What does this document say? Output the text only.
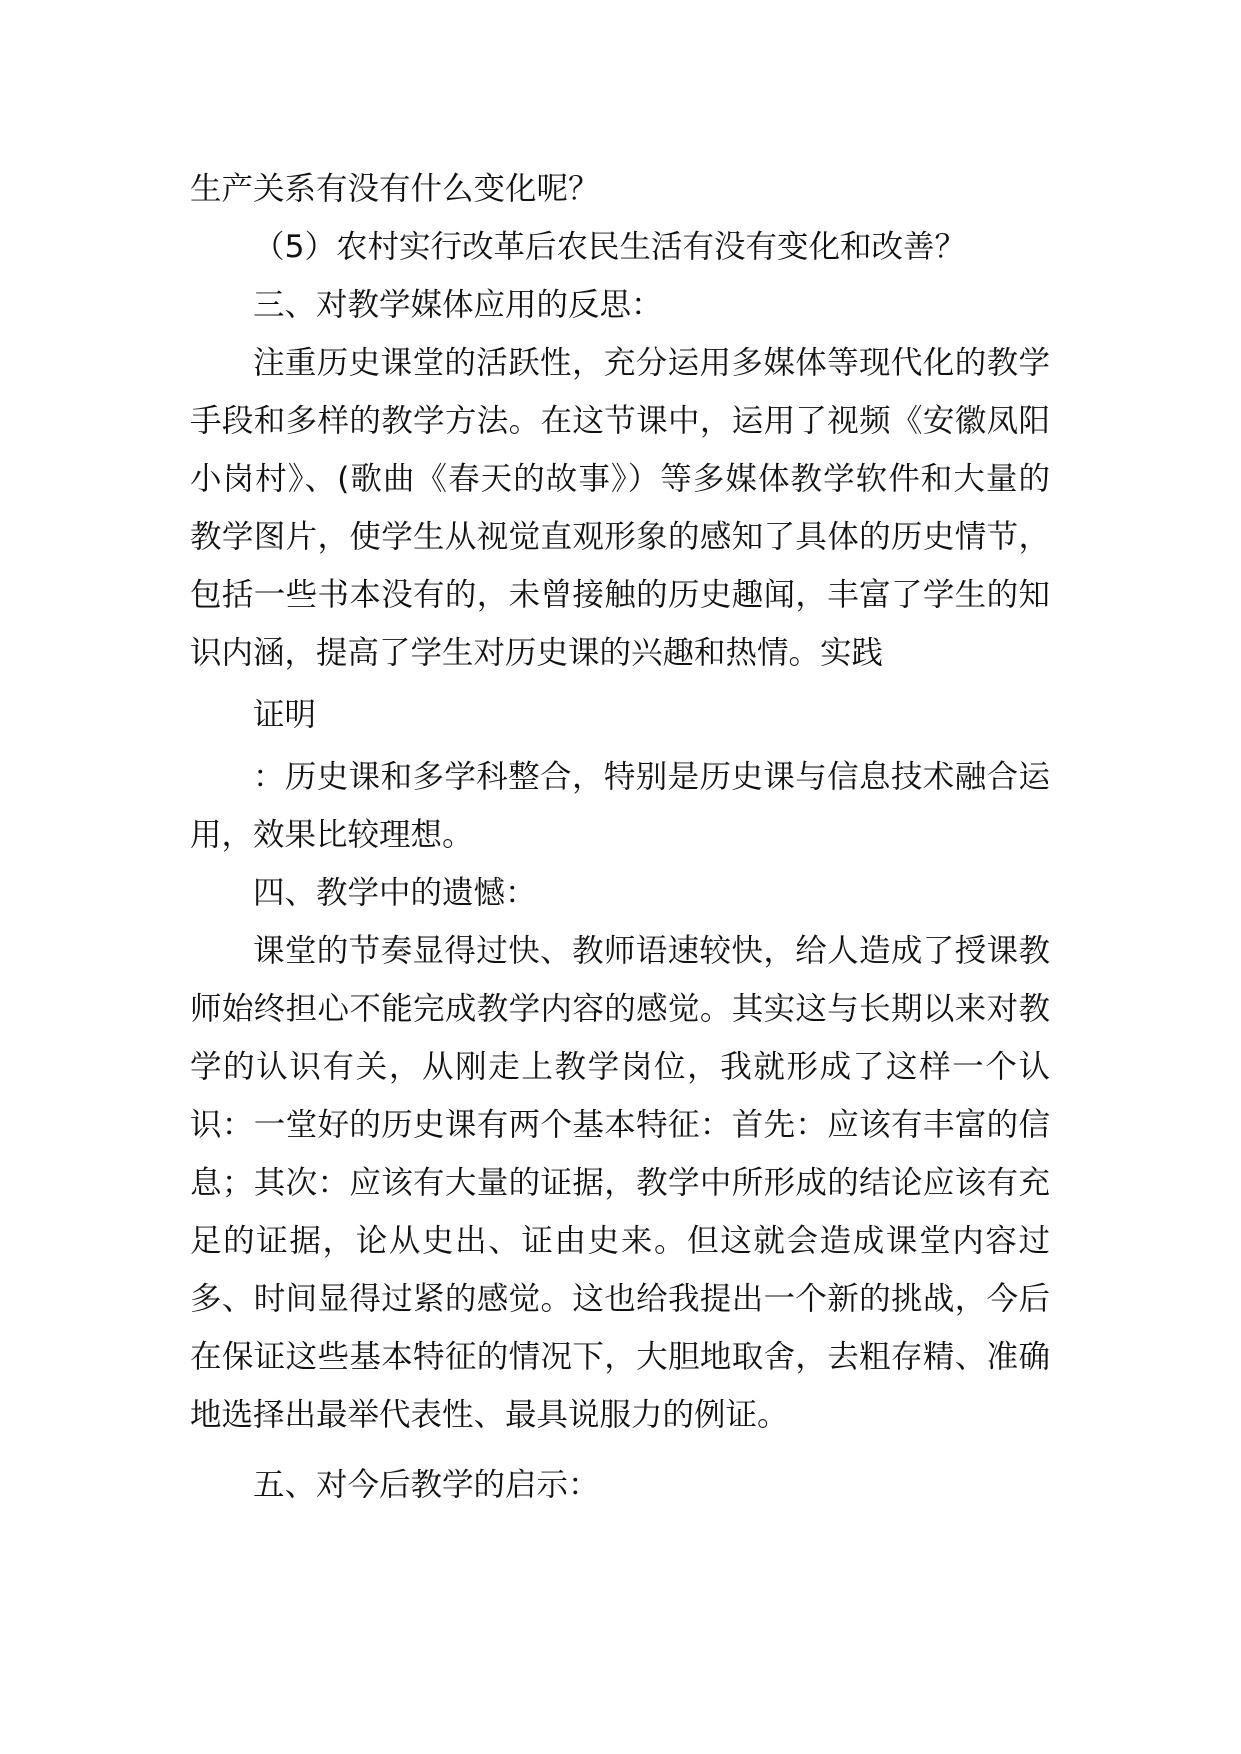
生产关系有没有什么变化呢？

（5）农村实行改革后农民生活有没有变化和改善？

三、对教学媒体应用的反思：

注重历史课堂的活跃性，充分运用多媒体等现代化的教学手段和多样的教学方法。在这节课中，运用了视频《安徽凤阳小岗村》、(歌曲《春天的故事》）等多媒体教学软件和大量的教学图片，使学生从视觉直观形象的感知了具体的历史情节，包括一些书本没有的，未曾接触的历史趣闻，丰富了学生的知识内涵，提高了学生对历史课的兴趣和热情。实践

证明

：历史课和多学科整合，特别是历史课与信息技术融合运用，效果比较理想。

四、教学中的遗憾：

课堂的节奏显得过快、教师语速较快，给人造成了授课教师始终担心不能完成教学内容的感觉。其实这与长期以来对教学的认识有关，从刚走上教学岗位，我就形成了这样一个认识：一堂好的历史课有两个基本特征：首先：应该有丰富的信息；其次：应该有大量的证据，教学中所形成的结论应该有充足的证据，论从史出、证由史来。但这就会造成课堂内容过多、时间显得过紧的感觉。这也给我提出一个新的挑战，今后在保证这些基本特征的情况下，大胆地取舍，去粗存精、准确地选择出最举代表性、最具说服力的例证。

五、对今后教学的启示：
